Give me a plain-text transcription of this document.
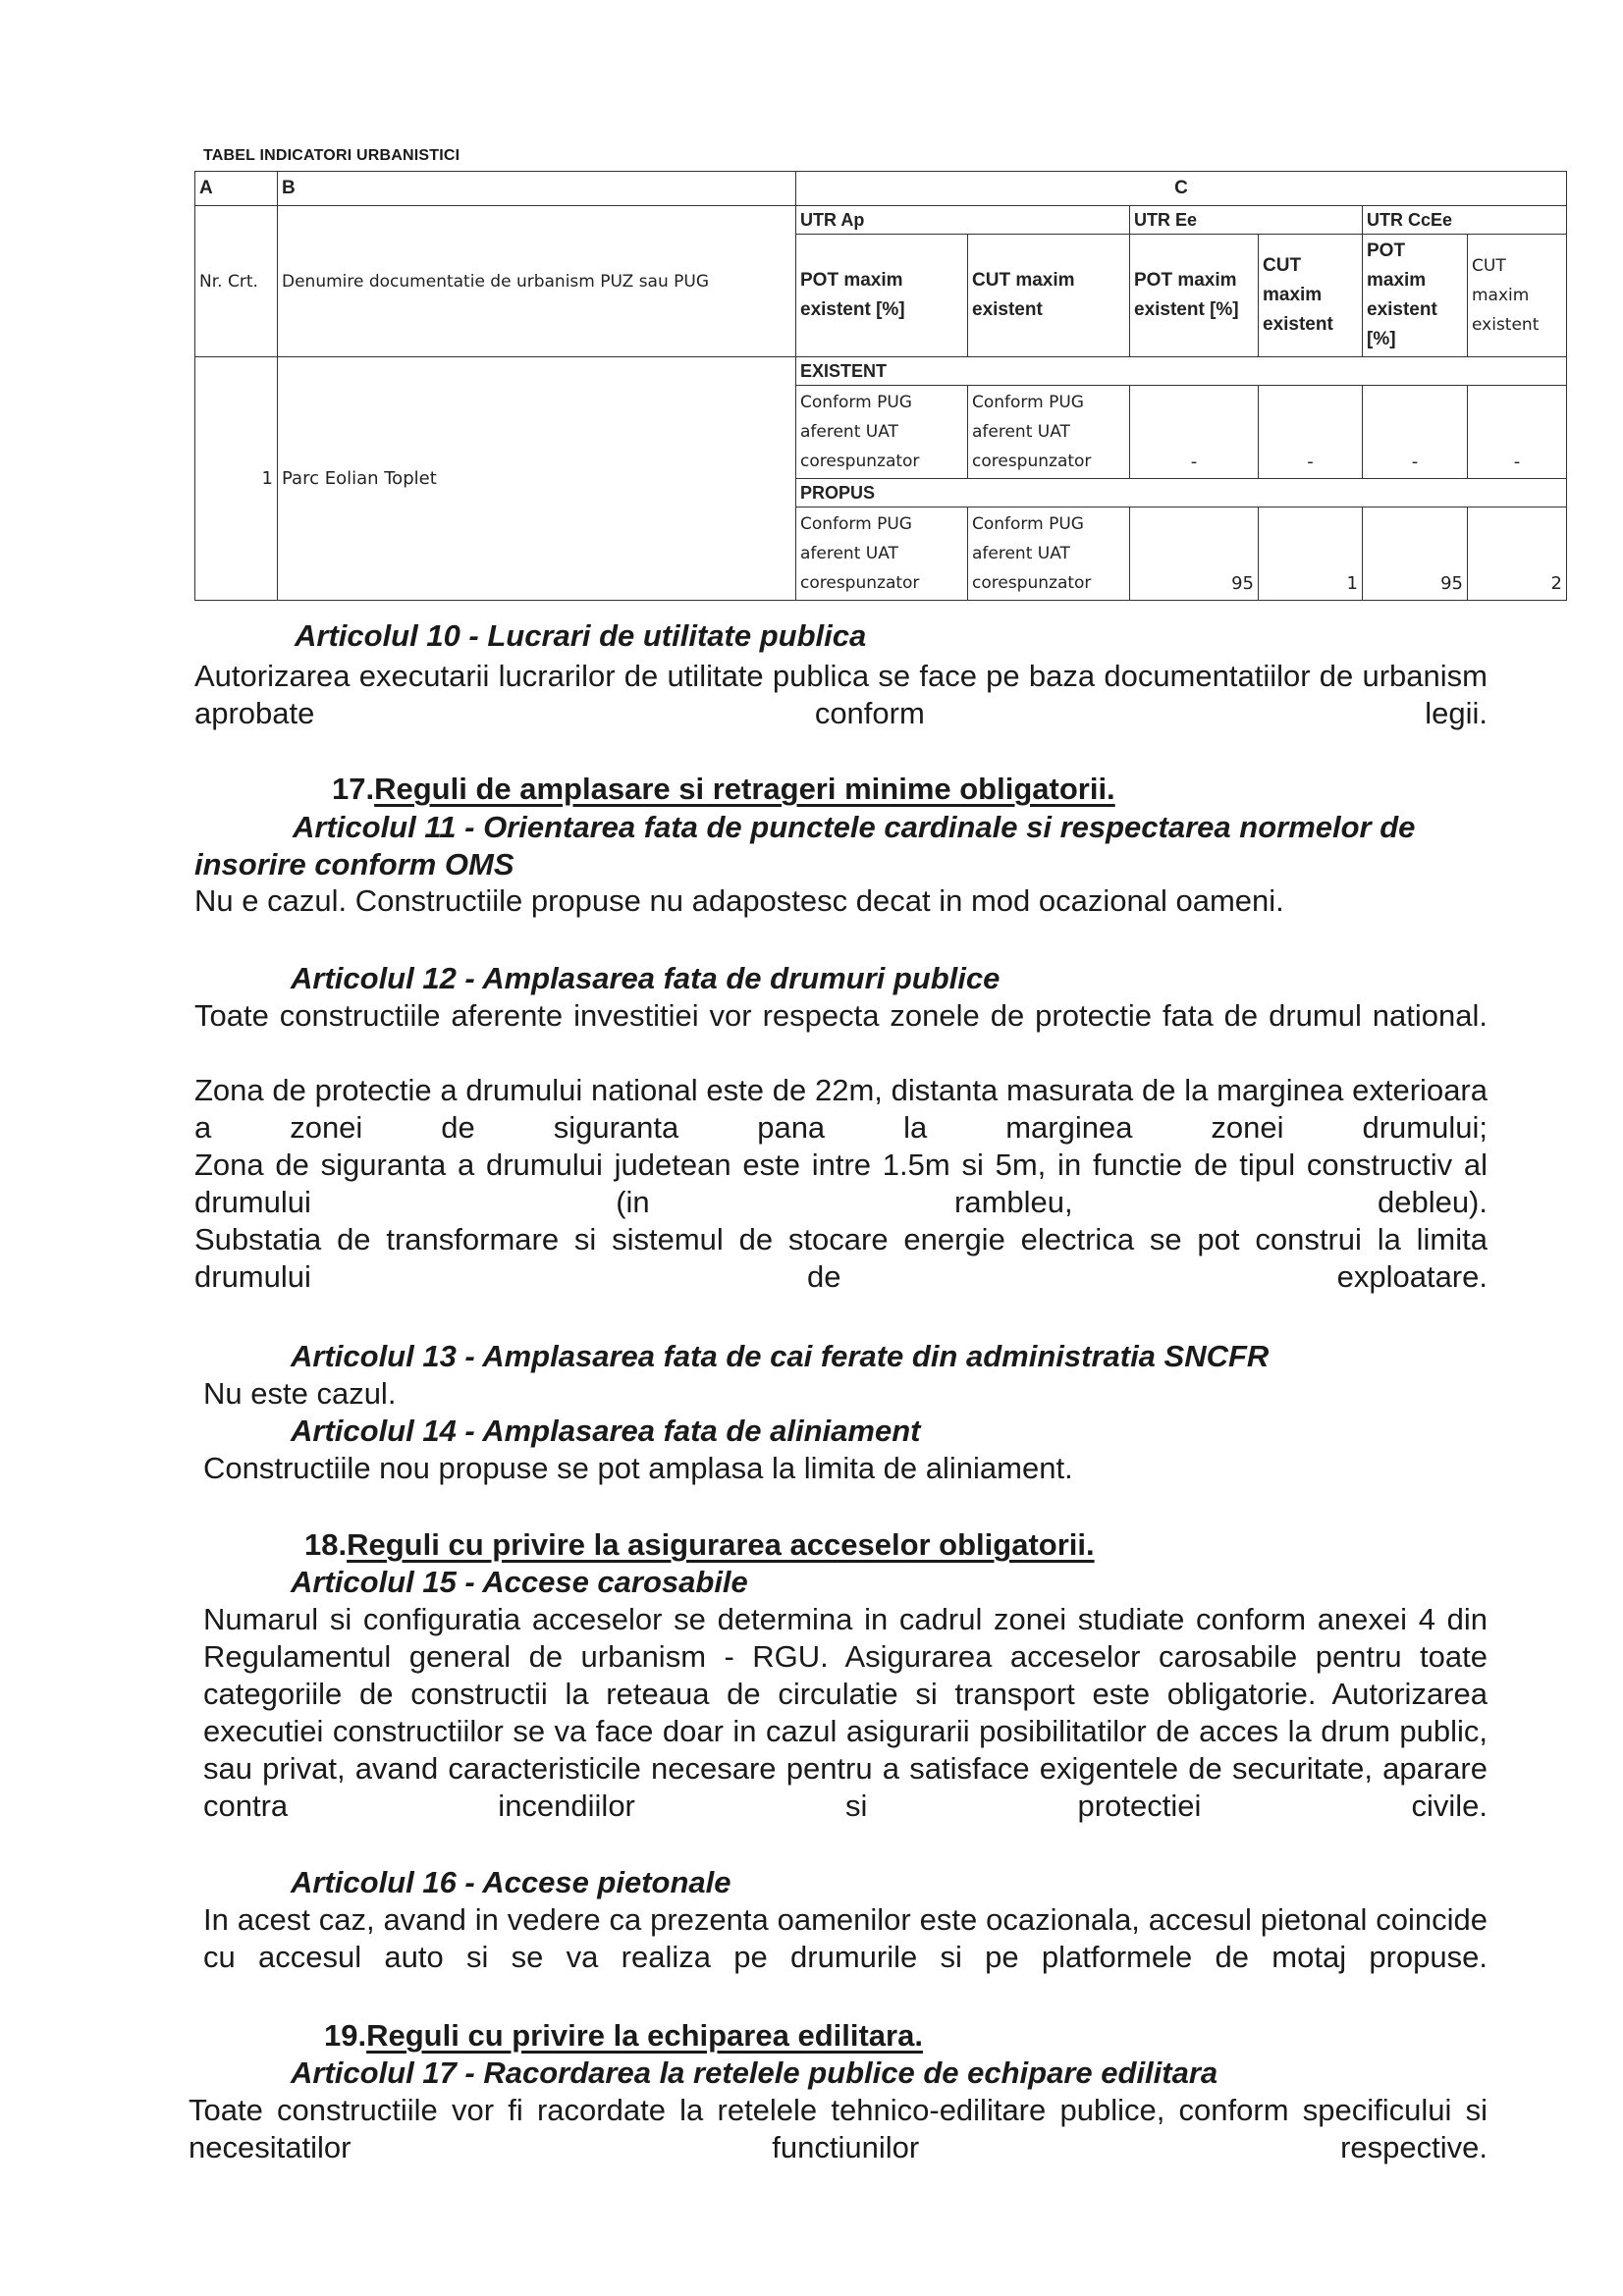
TABEL INDICATORI URBANISTICI
A	B	C					
Nr. Crt.	Denumire documentatie de urbanism PUZ sau PUG	UTR Ap		UTR Ee		UTR CcEe	
		POT maxim existent [%]	CUT maxim existent	POT maxim existent [%]	CUT maxim existent	POT maxim existent [%]	CUT maxim existent
1	Parc Eolian Toplet	EXISTENT					
		Conform PUG aferent UAT corespunzator	Conform PUG aferent UAT corespunzator	-	-	-	-
		PROPUS					
		Conform PUG aferent UAT corespunzator	Conform PUG aferent UAT corespunzator	95	1	95	2
Articolul 10 - Lucrari de utilitate publica
Autorizarea executarii lucrarilor de utilitate publica se face pe baza documentatiilor de urbanism aprobate conform legii.
17.Reguli de amplasare si retrageri minime obligatorii.
Articolul 11 - Orientarea fata de punctele cardinale si respectarea normelor de insorire conform OMS
Nu e cazul. Constructiile propuse nu adapostesc decat in mod ocazional oameni.
Articolul 12 - Amplasarea fata de drumuri publice
Toate constructiile aferente investitiei vor respecta zonele de protectie fata de drumul national.
Zona de protectie a drumului national este de 22m, distanta masurata de la marginea exterioara a zonei de siguranta pana la marginea zonei drumului;
Zona de siguranta a drumului judetean este intre 1.5m si 5m, in functie de tipul constructiv al drumului (in rambleu, debleu).
Substatia de transformare si sistemul de stocare energie electrica se pot construi la limita drumului de exploatare.
Articolul 13 - Amplasarea fata de cai ferate din administratia SNCFR
Nu este cazul.
Articolul 14 - Amplasarea fata de aliniament
Constructiile nou propuse se pot amplasa la limita de aliniament.
18.Reguli cu privire la asigurarea acceselor obligatorii.
Articolul 15 - Accese carosabile
Numarul si configuratia acceselor se determina in cadrul zonei studiate conform anexei 4 din Regulamentul general de urbanism - RGU. Asigurarea acceselor carosabile pentru toate categoriile de constructii la reteaua de circulatie si transport este obligatorie. Autorizarea executiei constructiilor se va face doar in cazul asigurarii posibilitatilor de acces la drum public, sau privat, avand caracteristicile necesare pentru a satisface exigentele de securitate, aparare contra incendiilor si protectiei civile.
Articolul 16 - Accese pietonale
In acest caz, avand in vedere ca prezenta oamenilor este ocazionala, accesul pietonal coincide cu accesul auto si se va realiza pe drumurile si pe platformele de motaj propuse.
19.Reguli cu privire la echiparea edilitara.
Articolul 17 - Racordarea la retelele publice de echipare edilitara
Toate constructiile vor fi racordate la retelele tehnico-edilitare publice, conform specificului si necesitatilor functiunilor respective.
